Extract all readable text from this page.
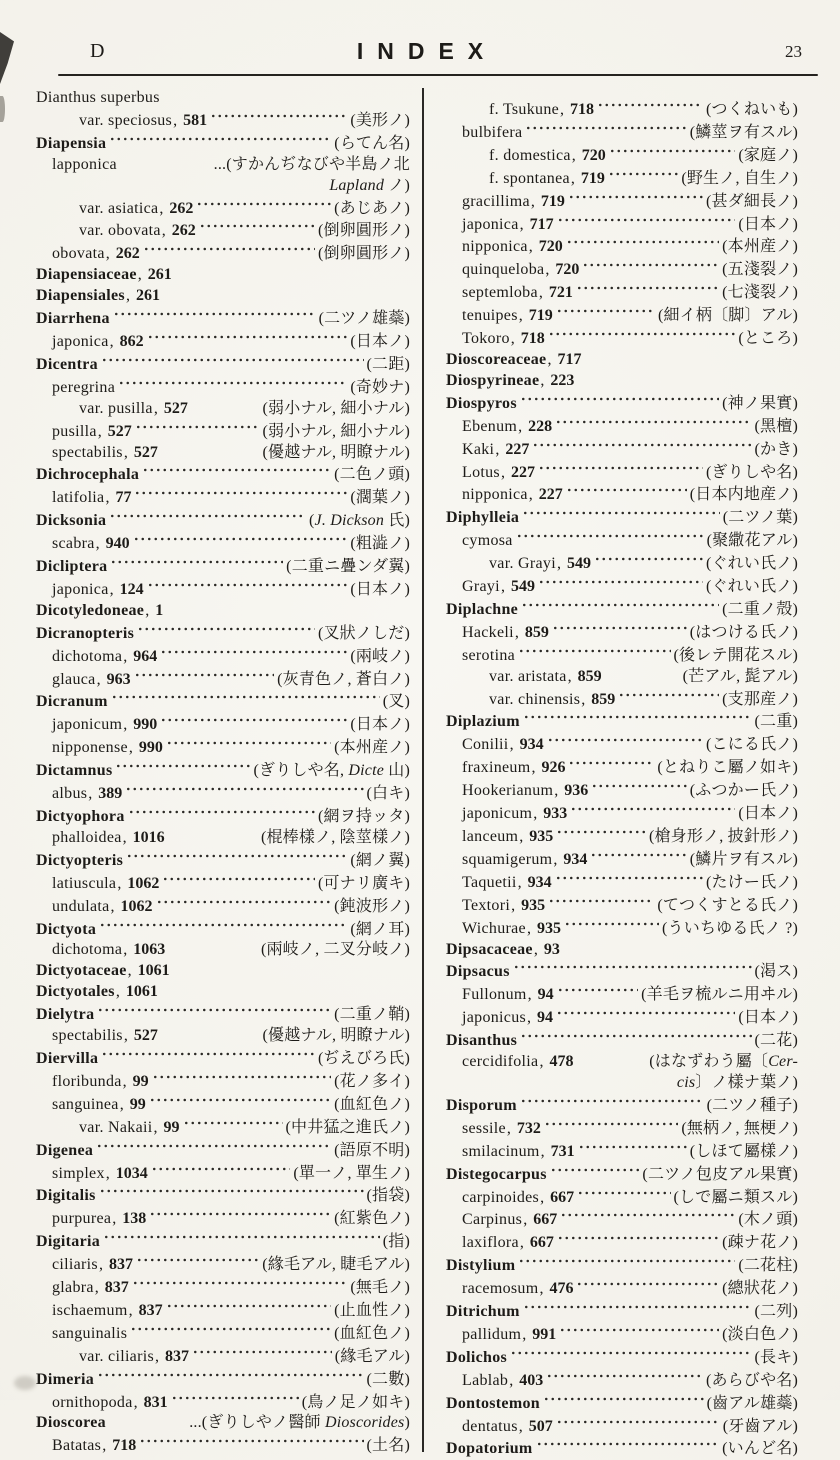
D	INDEX	23
Dianthus superbus
var. speciosus , 581	(美形ノ)
Diapensia	(らてん名)
lapponica	...(すかんぢなびや半島ノ北
Lapland ノ)
var. asiatica , 262	(あじあノ)
var. obovata , 262	(倒卵圓形ノ)
obovata , 262	(倒卵圓形ノ)
Diapensiaceae , 261
Diapensiales , 261
Diarrhena	(二ツノ雄蘂)
japonica , 862	(日本ノ)
Dicentra	(二距)
peregrina	(奇妙ナ)
var. pusilla , 527	(弱小ナル, 細小ナル)
pusilla , 527	(弱小ナル, 細小ナル)
spectabilis , 527	(優越ナル, 明瞭ナル)
Dichrocephala	(二色ノ頭)
latifolia , 77	(濶葉ノ)
Dicksonia	(J. Dickson 氏)
scabra , 940	(粗澁ノ)
Dicliptera	(二重ニ疊ンダ翼)
japonica , 124	(日本ノ)
Dicotyledoneae , 1
Dicranopteris	(叉狀ノしだ)
dichotoma , 964	(兩岐ノ)
glauca , 963	(灰青色ノ, 蒼白ノ)
Dicranum	(叉)
japonicum , 990	(日本ノ)
nipponense , 990	(本州産ノ)
Dictamnus	(ぎりしや名, Dicte 山)
albus , 389	(白キ)
Dictyophora	(網ヲ持ッタ)
phalloidea , 1016	(棍棒樣ノ, 陰莖樣ノ)
Dictyopteris	(網ノ翼)
latiuscula , 1062	(可ナリ廣キ)
undulata , 1062	(鈍波形ノ)
Dictyota	(網ノ耳)
dichotoma , 1063	(兩岐ノ, 二叉分岐ノ)
Dictyotaceae , 1061
Dictyotales , 1061
Dielytra	(二重ノ鞘)
spectabilis , 527	(優越ナル, 明瞭ナル)
Diervilla	(ぢえびろ氏)
floribunda , 99	(花ノ多イ)
sanguinea , 99	(血紅色ノ)
var. Nakaii , 99	(中井猛之進氏ノ)
Digenea	(語原不明)
simplex , 1034	(單一ノ, 單生ノ)
Digitalis	(指袋)
purpurea , 138	(紅紫色ノ)
Digitaria	(指)
ciliaris , 837	(緣毛アル, 睫毛アル)
glabra , 837	(無毛ノ)
ischaemum , 837	(止血性ノ)
sanguinalis	(血紅色ノ)
var. ciliaris , 837	(緣毛アル)
Dimeria	(二數)
ornithopoda , 831	(鳥ノ足ノ如キ)
Dioscorea	...(ぎりしやノ醫師 Dioscorides)
Batatas , 718	(土名)
f. Tsukune , 718	(つくねいも)
bulbifera	(鱗莖ヲ有スル)
f. domestica , 720	(家庭ノ)
f. spontanea , 719	(野生ノ, 自生ノ)
gracillima , 719	(甚ダ細長ノ)
japonica , 717	(日本ノ)
nipponica , 720	(本州産ノ)
quinqueloba , 720	(五淺裂ノ)
septemloba , 721	(七淺裂ノ)
tenuipes , 719	(細イ柄〔脚〕アル)
Tokoro , 718	(ところ)
Dioscoreaceae , 717
Diospyrineae , 223
Diospyros	(神ノ果實)
Ebenum , 228	(黑檀)
Kaki , 227	(かき)
Lotus , 227	(ぎりしや名)
nipponica , 227	(日本内地産ノ)
Diphylleia	(二ツノ葉)
cymosa	(聚繖花アル)
var. Grayi , 549	(ぐれい氏ノ)
Grayi , 549	(ぐれい氏ノ)
Diplachne	(二重ノ殻)
Hackeli , 859	(はつける氏ノ)
serotina	(後レテ開花スル)
var. aristata , 859	(芒アル, 髭アル)
var. chinensis , 859	(支那産ノ)
Diplazium	(二重)
Conilii , 934	(こにる氏ノ)
fraxineum , 926	(とねりこ屬ノ如キ)
Hookerianum , 936	(ふつかー氏ノ)
japonicum , 933	(日本ノ)
lanceum , 935	(槍身形ノ, 披針形ノ)
squamigerum , 934	(鱗片ヲ有スル)
Taquetii , 934	(たけー氏ノ)
Textori , 935	(てつくすとる氏ノ)
Wichurae , 935	(ういちゆる氏ノ ?)
Dipsacaceae , 93
Dipsacus	(渇ス)
Fullonum , 94	(羊毛ヲ梳ルニ用ヰル)
japonicus , 94	(日本ノ)
Disanthus	(二花)
cercidifolia , 478	(はなずわう屬〔Cer-
cis〕ノ樣ナ葉ノ)
Disporum	(二ツノ種子)
sessile , 732	(無柄ノ, 無梗ノ)
smilacinum , 731	(しほて屬樣ノ)
Distegocarpus	(二ツノ包皮アル果實)
carpinoides , 667	(しで屬ニ類スル)
Carpinus , 667	(木ノ頭)
laxiflora , 667	(疎ナ花ノ)
Distylium	(二花柱)
racemosum , 476	(總狀花ノ)
Ditrichum	(二列)
pallidum , 991	(淡白色ノ)
Dolichos	(長キ)
Lablab , 403	(あらびや名)
Dontostemon	(齒アル雄蘂)
dentatus , 507	(牙齒アル)
Dopatorium	(いんど名)
